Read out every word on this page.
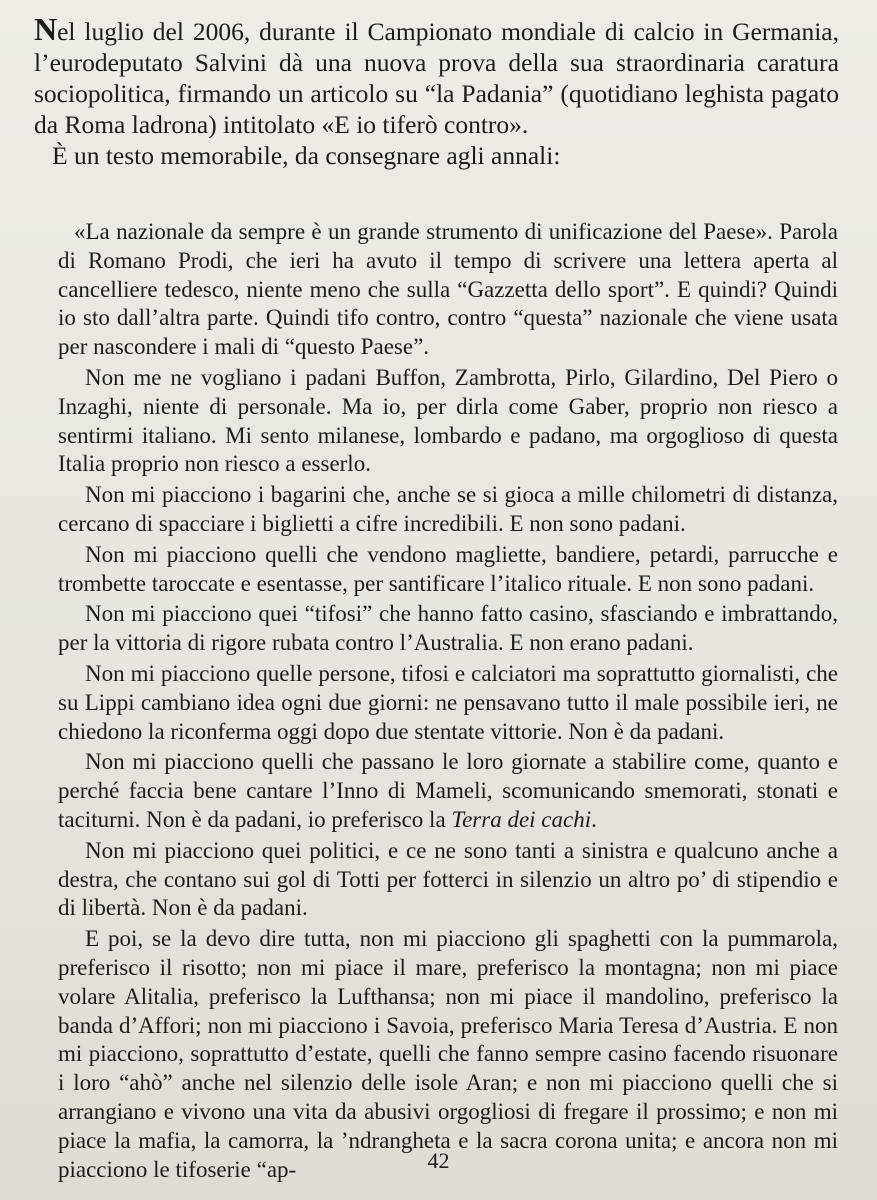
Nel luglio del 2006, durante il Campionato mondiale di calcio in Germania, l’eurodeputato Salvini dà una nuova prova della sua straordinaria caratura sociopolitica, firmando un articolo su “la Padania” (quotidiano leghista pagato da Roma ladrona) intitolato «E io tiferò contro».

È un testo memorabile, da consegnare agli annali:

«La nazionale da sempre è un grande strumento di unificazione del Paese». Parola di Romano Prodi, che ieri ha avuto il tempo di scrivere una lettera aperta al cancelliere tedesco, niente meno che sulla “Gazzetta dello sport”. E quindi? Quindi io sto dall’altra parte. Quindi tifo contro, contro “questa” nazionale che viene usata per nascondere i mali di “questo Paese”.

Non me ne vogliano i padani Buffon, Zambrotta, Pirlo, Gilardino, Del Piero o Inzaghi, niente di personale. Ma io, per dirla come Gaber, proprio non riesco a sentirmi italiano. Mi sento milanese, lombardo e padano, ma orgoglioso di questa Italia proprio non riesco a esserlo.

Non mi piacciono i bagarini che, anche se si gioca a mille chilometri di distanza, cercano di spacciare i biglietti a cifre incredibili. E non sono padani.

Non mi piacciono quelli che vendono magliette, bandiere, petardi, parrucche e trombette taroccate e esentasse, per santificare l’italico rituale. E non sono padani.

Non mi piacciono quei “tifosi” che hanno fatto casino, sfasciando e imbrattando, per la vittoria di rigore rubata contro l’Australia. E non erano padani.

Non mi piacciono quelle persone, tifosi e calciatori ma soprattutto giornalisti, che su Lippi cambiano idea ogni due giorni: ne pensavano tutto il male possibile ieri, ne chiedono la riconferma oggi dopo due stentate vittorie. Non è da padani.

Non mi piacciono quelli che passano le loro giornate a stabilire come, quanto e perché faccia bene cantare l’Inno di Mameli, scomunicando smemorati, stonati e taciturni. Non è da padani, io preferisco la Terra dei cachi.

Non mi piacciono quei politici, e ce ne sono tanti a sinistra e qualcuno anche a destra, che contano sui gol di Totti per fotterci in silenzio un altro po’ di stipendio e di libertà. Non è da padani.

E poi, se la devo dire tutta, non mi piacciono gli spaghetti con la pummarola, preferisco il risotto; non mi piace il mare, preferisco la montagna; non mi piace volare Alitalia, preferisco la Lufthansa; non mi piace il mandolino, preferisco la banda d’Affori; non mi piacciono i Savoia, preferisco Maria Teresa d’Austria. E non mi piacciono, soprattutto d’estate, quelli che fanno sempre casino facendo risuonare i loro “ahò” anche nel silenzio delle isole Aran; e non mi piacciono quelli che si arrangiano e vivono una vita da abusivi orgogliosi di fregare il prossimo; e non mi piace la mafia, la camorra, la ’ndrangheta e la sacra corona unita; e ancora non mi piacciono le tifoserie “ap-	42
